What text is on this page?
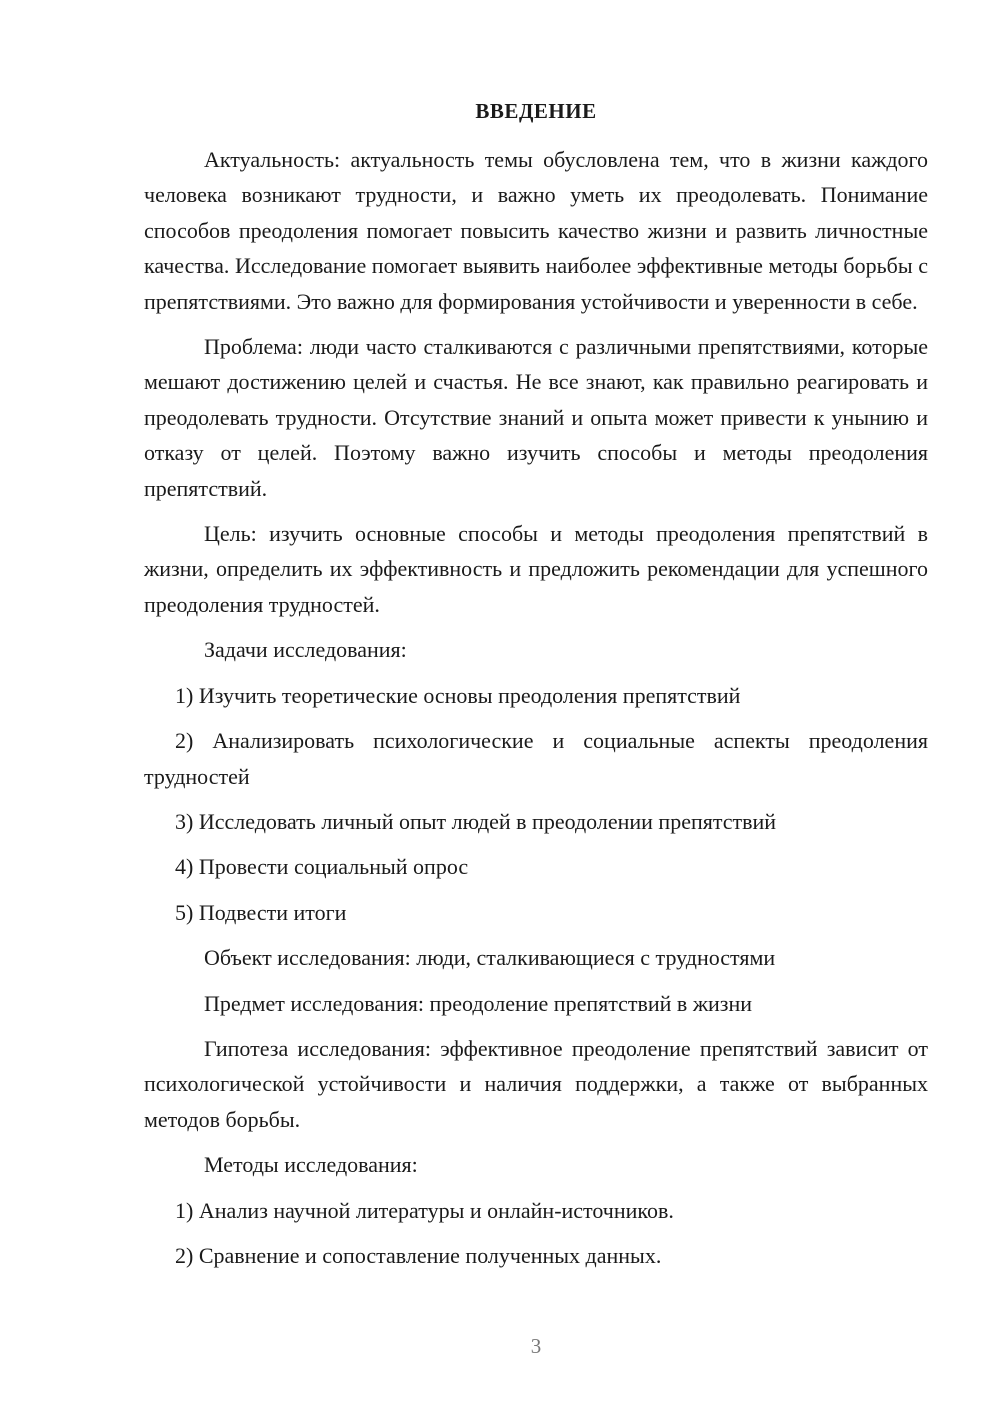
ВВЕДЕНИЕ

Актуальность: актуальность темы обусловлена тем, что в жизни каждого человека возникают трудности, и важно уметь их преодолевать. Понимание способов преодоления помогает повысить качество жизни и развить личностные качества. Исследование помогает выявить наиболее эффективные методы борьбы с препятствиями. Это важно для формирования устойчивости и уверенности в себе.

Проблема: люди часто сталкиваются с различными препятствиями, которые мешают достижению целей и счастья. Не все знают, как правильно реагировать и преодолевать трудности. Отсутствие знаний и опыта может привести к унынию и отказу от целей. Поэтому важно изучить способы и методы преодоления препятствий.

Цель: изучить основные способы и методы преодоления препятствий в жизни, определить их эффективность и предложить рекомендации для успешного преодоления трудностей.

Задачи исследования:

1) Изучить теоретические основы преодоления препятствий

2) Анализировать психологические и социальные аспекты преодоления трудностей

3) Исследовать личный опыт людей в преодолении препятствий

4) Провести социальный опрос

5) Подвести итоги

Объект исследования: люди, сталкивающиеся с трудностями

Предмет исследования: преодоление препятствий в жизни

Гипотеза исследования: эффективное преодоление препятствий зависит от психологической устойчивости и наличия поддержки, а также от выбранных методов борьбы.

Методы исследования:

1) Анализ научной литературы и онлайн-источников.

2) Сравнение и сопоставление полученных данных.

3
